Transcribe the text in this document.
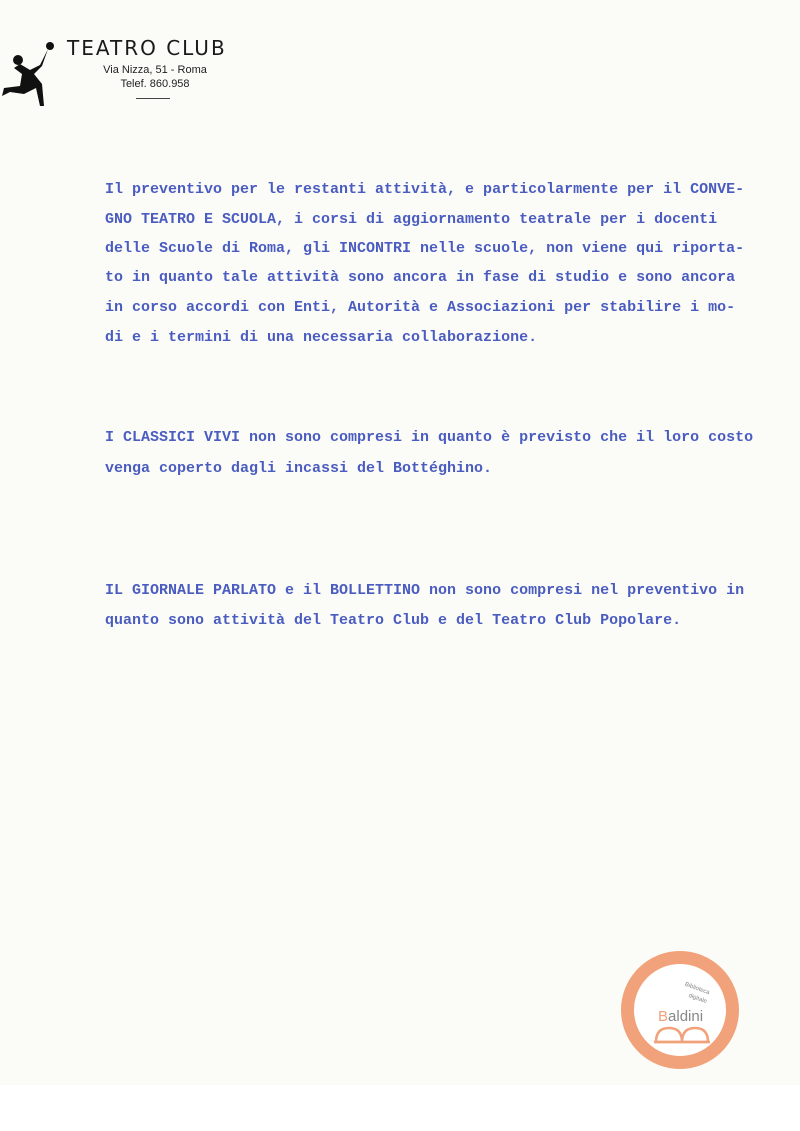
TEATRO CLUB
Via Nizza, 51 - Roma
Telef. 860.958
Il preventivo per le restanti attività, e particolarmente per il CONVE-
GNO TEATRO E SCUOLA, i corsi di aggiornamento teatrale per i docenti
delle Scuole di Roma, gli INCONTRI nelle scuole, non viene qui riporta-
to in quanto tale attività sono ancora in fase di studio e sono ancora
in corso accordi con Enti, Autorità e Associazioni per stabilire i mo-
di e i termini di una necessaria collaborazione.
I CLASSICI VIVI non sono compresi in quanto è previsto che il loro costo
venga coperto dagli incassi del Bottéghino.
IL GIORNALE PARLATO e il BOLLETTINO non sono compresi nel preventivo in
quanto sono attività del Teatro Club e del Teatro Club Popolare.
Biblioteca
digitale
Baldini
